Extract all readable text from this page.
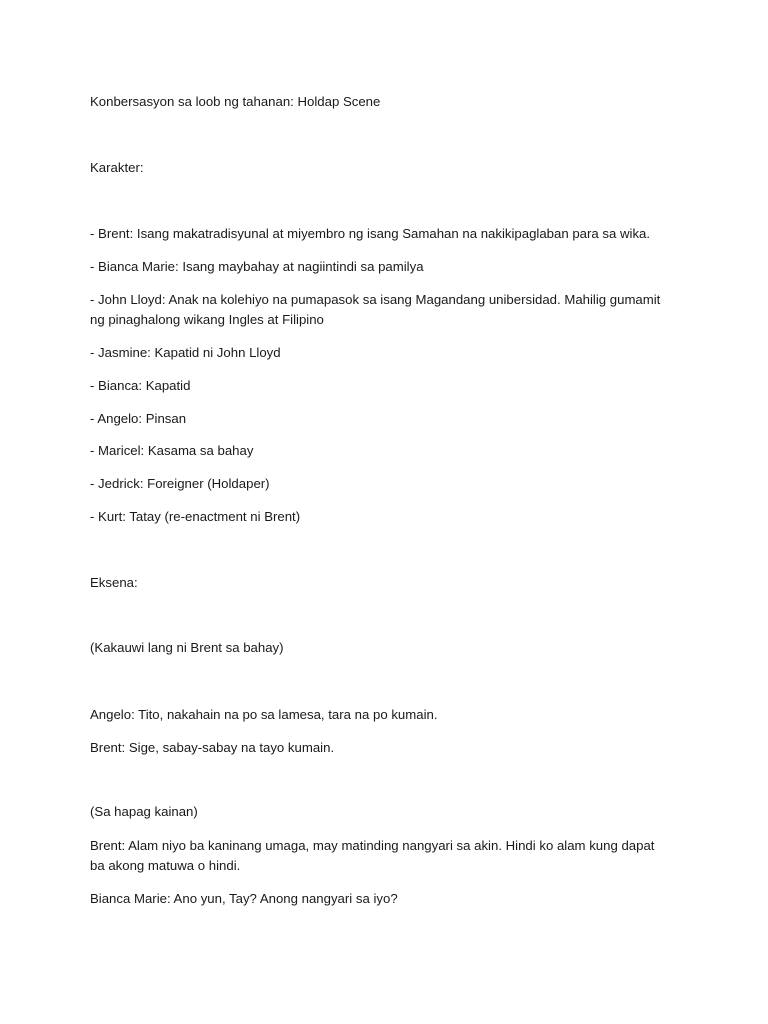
Konbersasyon sa loob ng tahanan: Holdap Scene
Karakter:
- Brent: Isang makatradisyunal at miyembro ng isang Samahan na nakikipaglaban para sa wika.
- Bianca Marie: Isang maybahay at nagiintindi sa pamilya
- John Lloyd: Anak na kolehiyo na pumapasok sa isang Magandang unibersidad. Mahilig gumamit ng pinaghalong wikang Ingles at Filipino
- Jasmine: Kapatid ni John Lloyd
- Bianca: Kapatid
- Angelo: Pinsan
- Maricel: Kasama sa bahay
- Jedrick: Foreigner (Holdaper)
- Kurt: Tatay (re-enactment ni Brent)
Eksena:
(Kakauwi lang ni Brent sa bahay)
Angelo: Tito, nakahain na po sa lamesa, tara na po kumain.
Brent: Sige, sabay-sabay na tayo kumain.
(Sa hapag kainan)
Brent: Alam niyo ba kaninang umaga, may matinding nangyari sa akin. Hindi ko alam kung dapat ba akong matuwa o hindi.
Bianca Marie: Ano yun, Tay? Anong nangyari sa iyo?
